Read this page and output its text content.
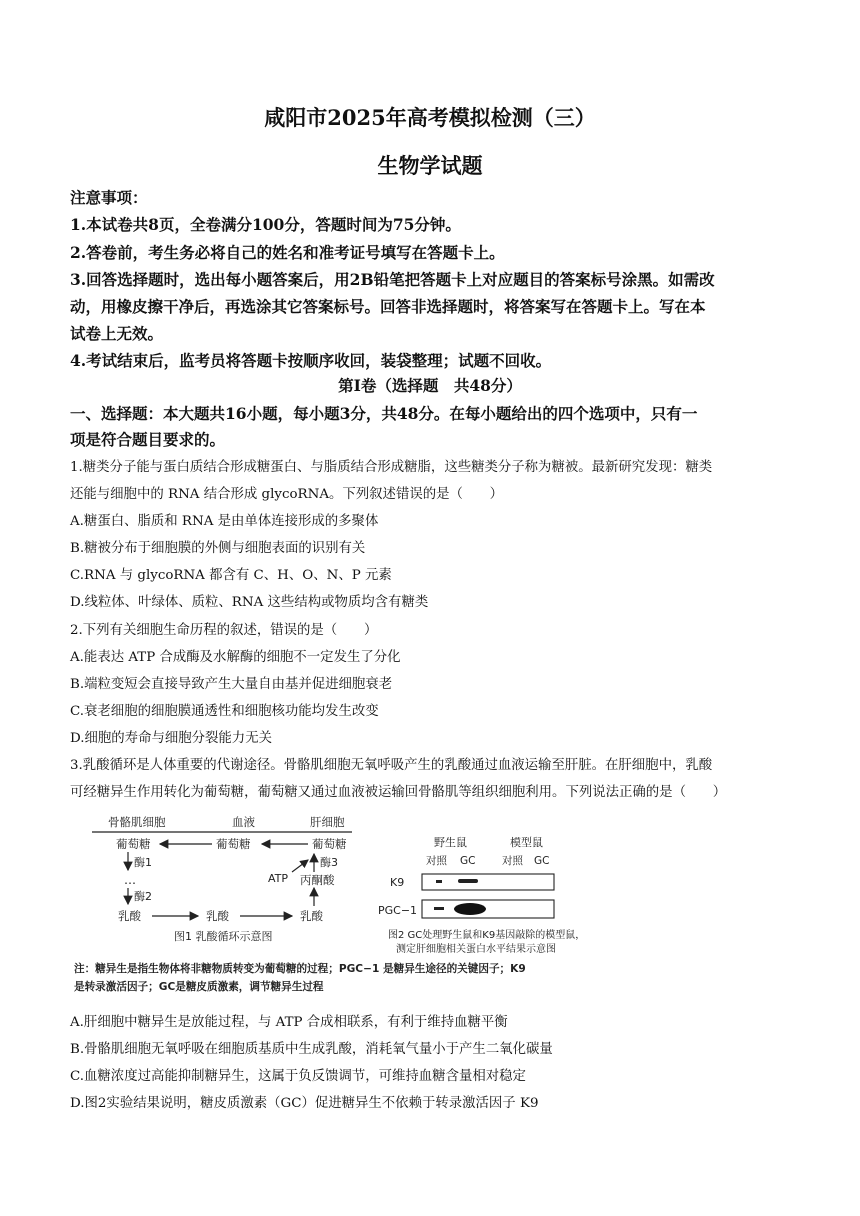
咸阳市2025年高考模拟检测（三）
生物学试题
注意事项：
1.本试卷共8页，全卷满分100分，答题时间为75分钟。
2.答卷前，考生务必将自己的姓名和准考证号填写在答题卡上。
3.回答选择题时，选出每小题答案后，用2B铅笔把答题卡上对应题目的答案标号涂黑。如需改
动，用橡皮擦干净后，再选涂其它答案标号。回答非选择题时，将答案写在答题卡上。写在本
试卷上无效。
4.考试结束后，监考员将答题卡按顺序收回，装袋整理；试题不回收。
第Ⅰ卷（选择题　共48分）
一、选择题：本大题共16小题，每小题3分，共48分。在每小题给出的四个选项中，只有一
项是符合题目要求的。
1.糖类分子能与蛋白质结合形成糖蛋白、与脂质结合形成糖脂，这些糖类分子称为糖被。最新研究发现：糖类
还能与细胞中的 RNA 结合形成 glycoRNA。下列叙述错误的是（　　）
A.糖蛋白、脂质和 RNA 是由单体连接形成的多聚体
B.糖被分布于细胞膜的外侧与细胞表面的识别有关
C.RNA 与 glycoRNA 都含有 C、H、O、N、P 元素
D.线粒体、叶绿体、质粒、RNA 这些结构或物质均含有糖类
2.下列有关细胞生命历程的叙述，错误的是（　　）
A.能表达 ATP 合成酶及水解酶的细胞不一定发生了分化
B.端粒变短会直接导致产生大量自由基并促进细胞衰老
C.衰老细胞的细胞膜通透性和细胞核功能均发生改变
D.细胞的寿命与细胞分裂能力无关
3.乳酸循环是人体重要的代谢途径。骨骼肌细胞无氧呼吸产生的乳酸通过血液运输至肝脏。在肝细胞中，乳酸
可经糖异生作用转化为葡萄糖，葡萄糖又通过血液被运输回骨骼肌等组织细胞利用。下列说法正确的是（　　）
骨骼肌细胞	血液	肝细胞
葡萄糖	葡萄糖	葡萄糖
酶1
…
酶2
乳酸	乳酸	乳酸
丙酮酸
酶3
ATP
图1 乳酸循环示意图
野生鼠	模型鼠
对照 GC	对照 GC
K9
PGC−1
图2 GC处理野生鼠和K9基因敲除的模型鼠，
测定肝细胞相关蛋白水平结果示意图
注：糖异生是指生物体将非糖物质转变为葡萄糖的过程；PGC−1 是糖异生途径的关键因子；K9
是转录激活因子；GC是糖皮质激素，调节糖异生过程
A.肝细胞中糖异生是放能过程，与 ATP 合成相联系，有利于维持血糖平衡
B.骨骼肌细胞无氧呼吸在细胞质基质中生成乳酸，消耗氧气量小于产生二氧化碳量
C.血糖浓度过高能抑制糖异生，这属于负反馈调节，可维持血糖含量相对稳定
D.图2实验结果说明，糖皮质激素（GC）促进糖异生不依赖于转录激活因子 K9
